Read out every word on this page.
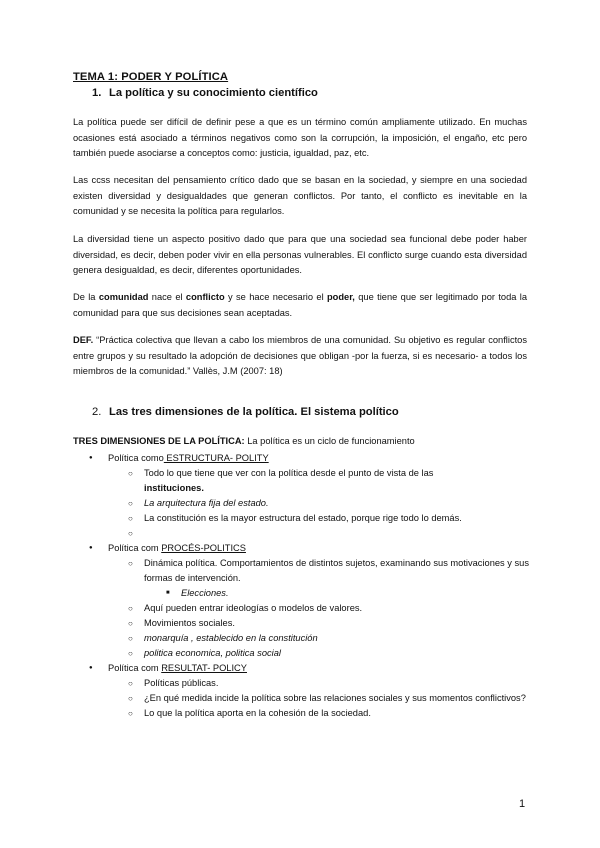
TEMA 1: PODER Y POLÍTICA
1. La política y su conocimiento científico

La política puede ser difícil de definir pese a que es un término común ampliamente utilizado. En muchas ocasiones está asociado a términos negativos como son la corrupción, la imposición, el engaño, etc pero también puede asociarse a conceptos como: justicia, igualdad, paz, etc.

Las ccss necesitan del pensamiento crítico dado que se basan en la sociedad, y siempre en una sociedad existen diversidad y desigualdades que generan conflictos. Por tanto, el conflicto es inevitable en la comunidad y se necesita la política para regularlos.

La diversidad tiene un aspecto positivo dado que para que una sociedad sea funcional debe poder haber diversidad, es decir, deben poder vivir en ella personas vulnerables. El conflicto surge cuando esta diversidad genera desigualdad, es decir, diferentes oportunidades.

De la comunidad nace el conflicto y se hace necesario el poder, que tiene que ser legitimado por toda la comunidad para que sus decisiones sean aceptadas.

DEF. “Práctica colectiva que llevan a cabo los miembros de una comunidad. Su objetivo es regular conflictos entre grupos y su resultado la adopción de decisiones que obligan -por la fuerza, si es necesario- a todos los miembros de la comunidad.” Vallès, J.M (2007: 18)

2. Las tres dimensiones de la política. El sistema político
TRES DIMENSIONES DE LA POLÍTICA: La política es un ciclo de funcionamiento
● Política como ESTRUCTURA- POLITY
○ Todo lo que tiene que ver con la política desde el punto de vista de las
instituciones.
○ La arquitectura fija del estado.
○ La constitución es la mayor estructura del estado, porque rige todo lo demás.
○
● Política com PROCÉS-POLITICS
○ Dinámica política. Comportamientos de distintos sujetos, examinando sus motivaciones y sus formas de intervención.
■ Elecciones.
○ Aquí pueden entrar ideologías o modelos de valores.
○ Movimientos sociales.
○ monarquía , establecido en la constitución
○ politica economica, politica social
● Política com RESULTAT- POLICY
○ Políticas públicas.
○ ¿En qué medida incide la política sobre las relaciones sociales y sus momentos conflictivos?
○ Lo que la política aporta en la cohesión de la sociedad.
1
